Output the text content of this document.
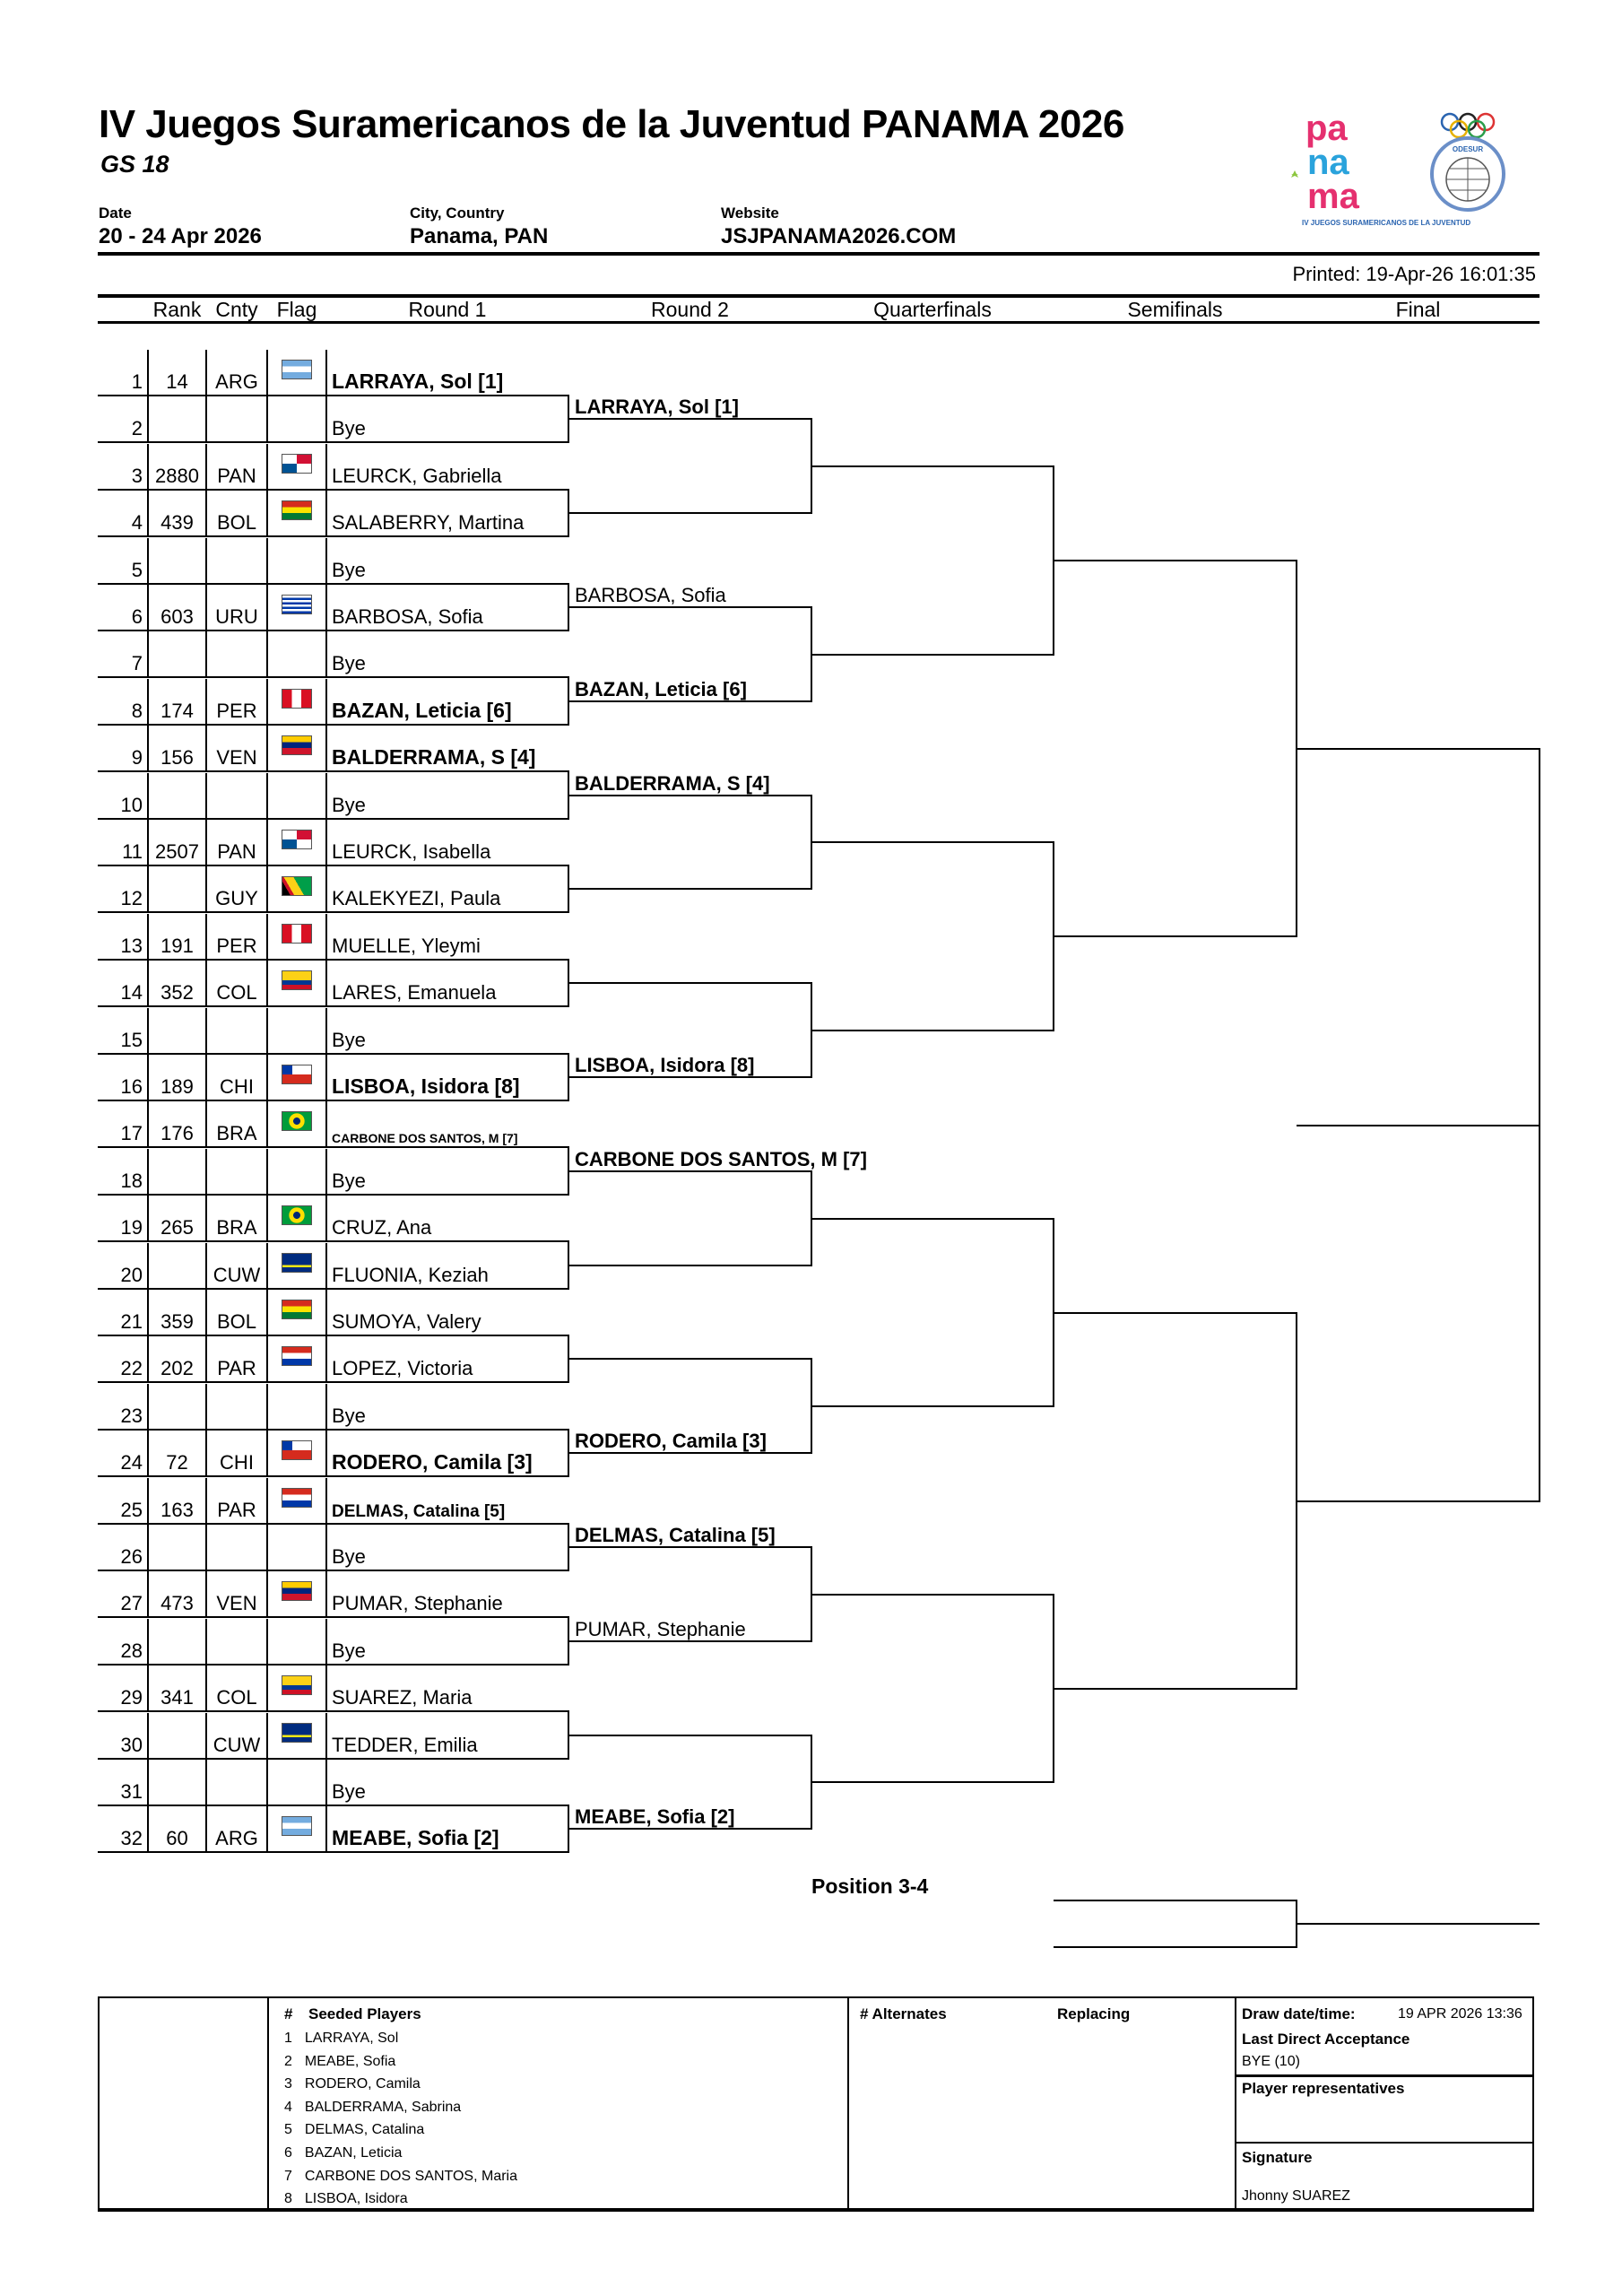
IV Juegos Suramericanos de la Juventud PANAMA 2026
GS 18
Date
20 - 24 Apr 2026
City, Country
Panama, PAN
Website
JSJPANAMA2026.COM
pa
na
ma
ODESUR
IV JUEGOS SURAMERICANOS DE LA JUVENTUD
Printed: 19-Apr-26 16:01:35
Rank Cnty Flag	Round 1	Round 2	Quarterfinals	Semifinals	Final
1	14	ARG	LARRAYA, Sol [1]
2	Bye
3 2880 PAN	LEURCK, Gabriella
4 439	BOL	SALABERRY, Martina
5	Bye
6 603	URU	BARBOSA, Sofia
7	Bye
8 174	PER	BAZAN, Leticia [6]
9 156	VEN	BALDERRAMA, S [4]
10	Bye
11 2507 PAN	LEURCK, Isabella
12	GUY	KALEKYEZI, Paula
13 191	PER	MUELLE, Yleymi
14 352	COL	LARES, Emanuela
15	Bye
16 189	CHI	LISBOA, Isidora [8]
17 176	BRA	CARBONE DOS SANTOS, M [7]
18	Bye
19 265	BRA	CRUZ, Ana
20	CUW	FLUONIA, Keziah
21 359	BOL	SUMOYA, Valery
22 202	PAR	LOPEZ, Victoria
23	Bye
24	72	CHI	RODERO, Camila [3]
25 163	PAR	DELMAS, Catalina [5]
26	Bye
27 473	VEN	PUMAR, Stephanie
28	Bye
29 341	COL	SUAREZ, Maria
30	CUW	TEDDER, Emilia
31	Bye
32	60	ARG	MEABE, Sofia [2]
LARRAYA, Sol [1]
BARBOSA, Sofia
BAZAN, Leticia [6]
BALDERRAMA, S [4]
LISBOA, Isidora [8]
CARBONE DOS SANTOS, M [7]
RODERO, Camila [3]
DELMAS, Catalina [5]
PUMAR, Stephanie
MEABE, Sofia [2]
Position 3-4
# Seeded Players
1 LARRAYA, Sol
2 MEABE, Sofia
3 RODERO, Camila
4 BALDERRAMA, Sabrina
5 DELMAS, Catalina
6 BAZAN, Leticia
7 CARBONE DOS SANTOS, Maria
8 LISBOA, Isidora
# Alternates	Replacing	Draw date/time:	19 APR 2026 13:36
Last Direct Acceptance
BYE (10)
Player representatives
Signature
Jhonny SUAREZ
